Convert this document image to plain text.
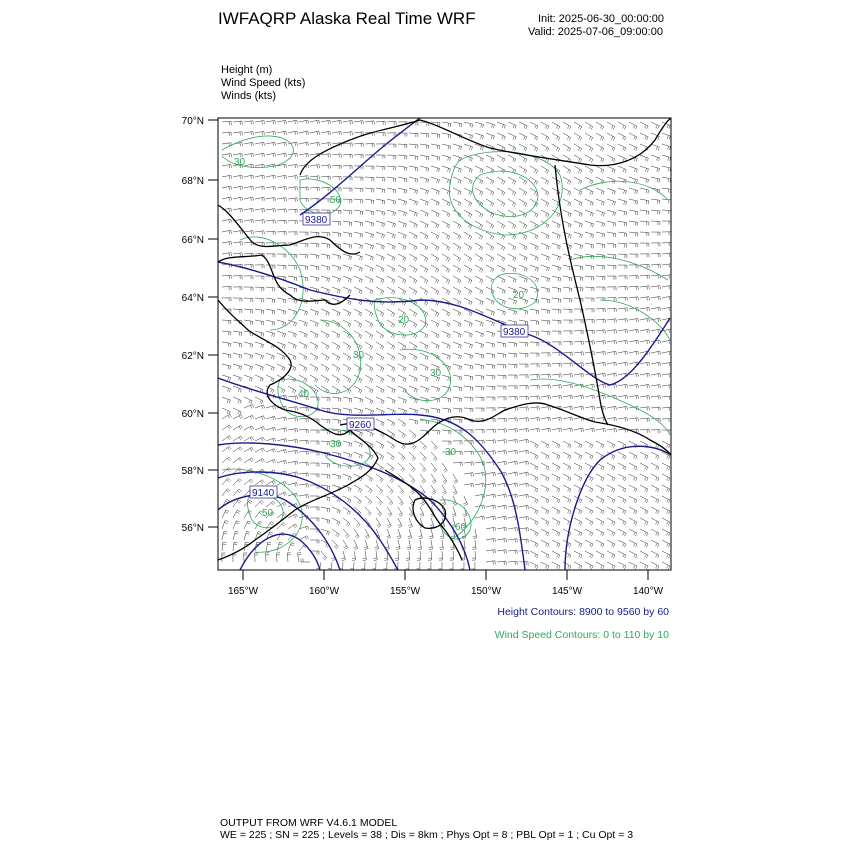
IWFAQRP Alaska Real Time WRF	Init: 2025-06-30_00:00:00
Valid: 2025-07-06_09:00:00
Height (m)
Wind Speed (kts)
Winds (kts)
70°N
68°N
66°N
64°N
62°N
60°N
58°N
56°N
165°W	160°W	155°W	150°W	145°W	140°W
9380
9380
9260
9140
30
50
20
20
30
30
40
30
30
50
60
Height Contours: 8900 to 9560 by 60
Wind Speed Contours: 0 to 110 by 10
OUTPUT FROM WRF V4.6.1 MODEL
WE = 225 ; SN = 225 ; Levels = 38 ; Dis = 8km ; Phys Opt = 8 ; PBL Opt = 1 ; Cu Opt = 3
